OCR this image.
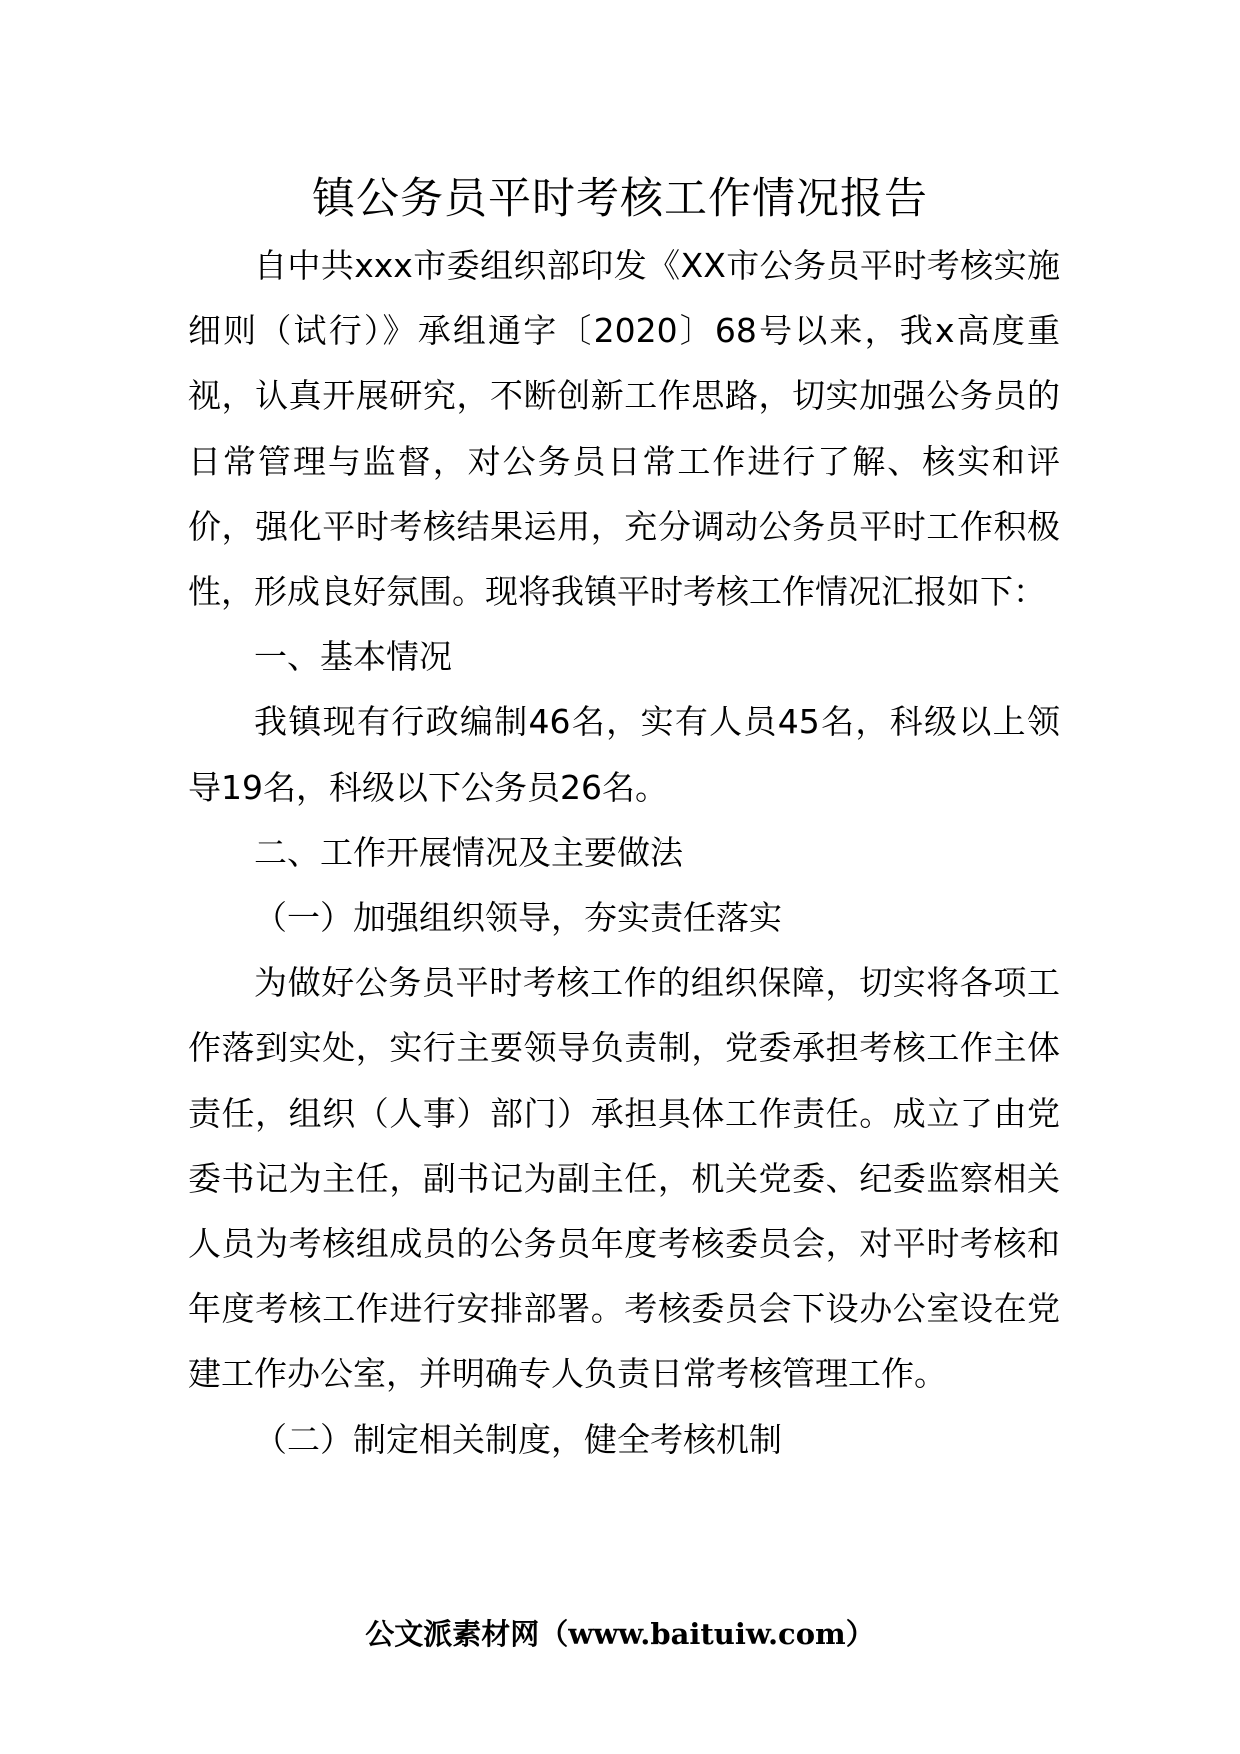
镇公务员平时考核工作情况报告

自中共xxx市委组织部印发《XX市公务员平时考核实施细则（试行）》承组通字〔2020〕68号以来，我x高度重视，认真开展研究，不断创新工作思路，切实加强公务员的日常管理与监督，对公务员日常工作进行了解、核实和评价，强化平时考核结果运用，充分调动公务员平时工作积极性，形成良好氛围。现将我镇平时考核工作情况汇报如下：

一、基本情况

我镇现有行政编制46名，实有人员45名，科级以上领导19名，科级以下公务员26名。

二、工作开展情况及主要做法

（一）加强组织领导，夯实责任落实

为做好公务员平时考核工作的组织保障，切实将各项工作落到实处，实行主要领导负责制，党委承担考核工作主体责任，组织（人事）部门）承担具体工作责任。成立了由党委书记为主任，副书记为副主任，机关党委、纪委监察相关人员为考核组成员的公务员年度考核委员会，对平时考核和年度考核工作进行安排部署。考核委员会下设办公室设在党建工作办公室，并明确专人负责日常考核管理工作。

（二）制定相关制度，健全考核机制

公文派素材网（www.baituiw.com）
